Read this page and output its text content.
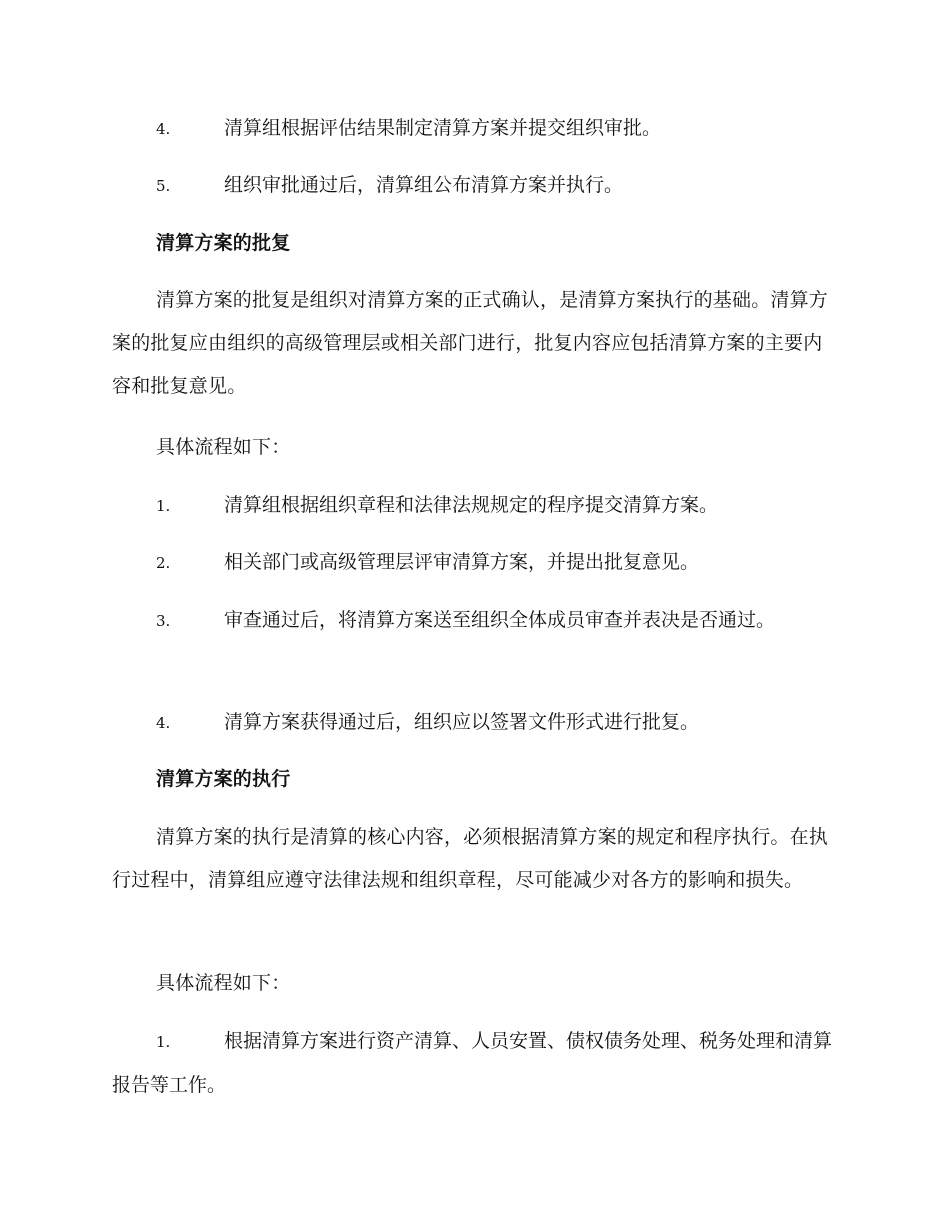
4.	清算组根据评估结果制定清算方案并提交组织审批。
5.	组织审批通过后，清算组公布清算方案并执行。
清算方案的批复
清算方案的批复是组织对清算方案的正式确认，是清算方案执行的基础。清算方案的批复应由组织的高级管理层或相关部门进行，批复内容应包括清算方案的主要内容和批复意见。
具体流程如下：
1.	清算组根据组织章程和法律法规规定的程序提交清算方案。
2.	相关部门或高级管理层评审清算方案，并提出批复意见。
3.	审查通过后，将清算方案送至组织全体成员审查并表决是否通过。
4.	清算方案获得通过后，组织应以签署文件形式进行批复。
清算方案的执行
清算方案的执行是清算的核心内容，必须根据清算方案的规定和程序执行。在执行过程中，清算组应遵守法律法规和组织章程，尽可能减少对各方的影响和损失。
具体流程如下：
1.	根据清算方案进行资产清算、人员安置、债权债务处理、税务处理和清算报告等工作。
